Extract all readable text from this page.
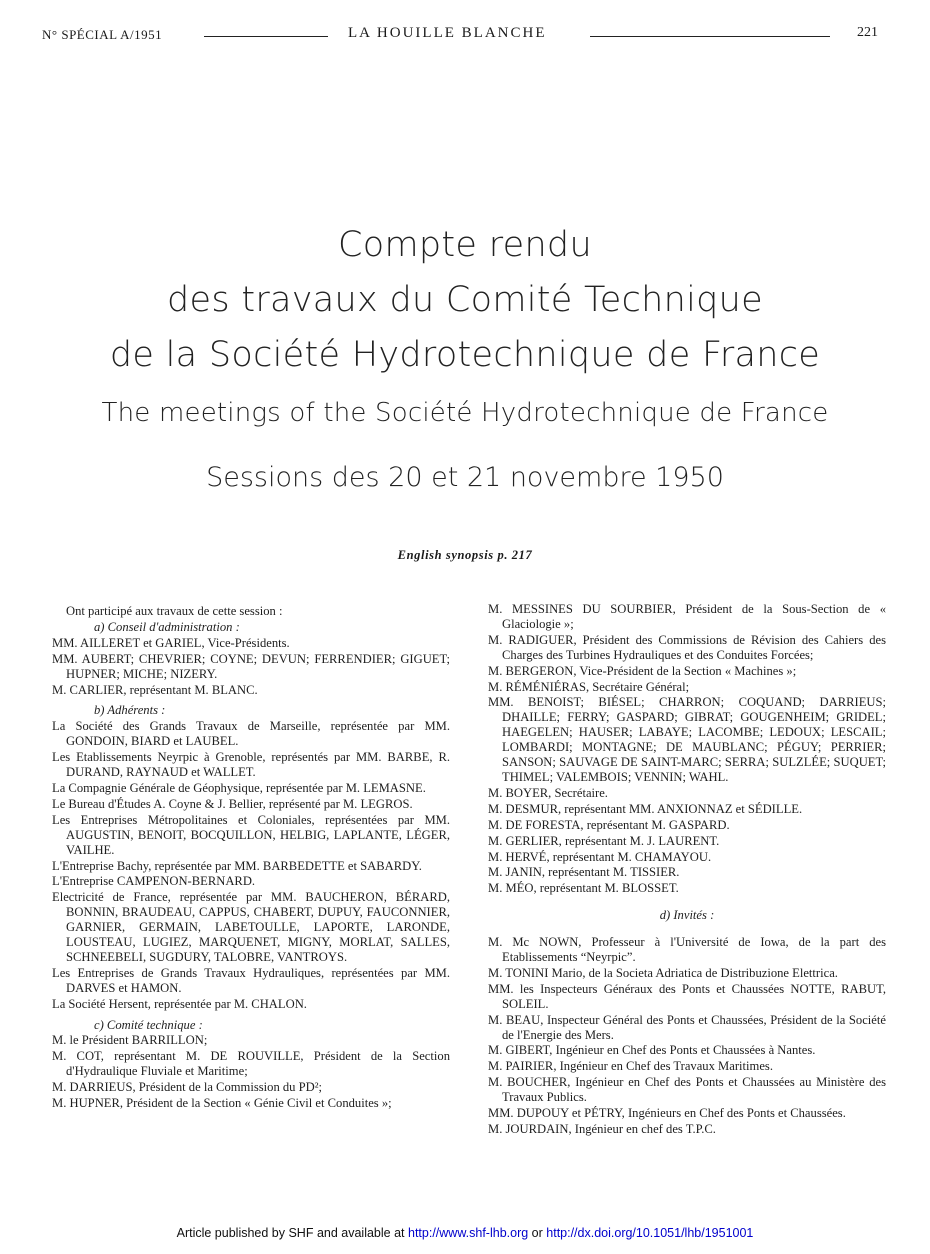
N° SPÉCIAL A/1951	LA HOUILLE BLANCHE	221
Compte rendu
des travaux du Comité Technique
de la Société Hydrotechnique de France
The meetings of the Société Hydrotechnique de France
Sessions des 20 et 21 novembre 1950
English synopsis p. 217
Ont participé aux travaux de cette session :
a) Conseil d'administration :
MM. AILLERET et GARIEL, Vice-Présidents.
MM. AUBERT; CHEVRIER; COYNE; DEVUN; FERRENDIER; GIGUET; HUPNER; MICHE; NIZERY.
M. CARLIER, représentant M. BLANC.
b) Adhérents :
La Société des Grands Travaux de Marseille, représentée par MM. GONDOIN, BIARD et LAUBEL.
Les Etablissements Neyrpic à Grenoble, représentés par MM. BARBE, R. DURAND, RAYNAUD et WALLET.
La Compagnie Générale de Géophysique, représentée par M. LEMASNE.
Le Bureau d'Études A. Coyne & J. Bellier, représenté par M. LEGROS.
Les Entreprises Métropolitaines et Coloniales, représentées par MM. AUGUSTIN, BENOIT, BOCQUILLON, HELBIG, LAPLANTE, LÉGER, VAILHE.
L'Entreprise Bachy, représentée par MM. BARBEDETTE et SABARDY.
L'Entreprise CAMPENON-BERNARD.
Electricité de France, représentée par MM. BAUCHERON, BÉRARD, BONNIN, BRAUDEAU, CAPPUS, CHABERT, DUPUY, FAUCONNIER, GARNIER, GERMAIN, LABETOULLE, LAPORTE, LARONDE, LOUSTEAU, LUGIEZ, MARQUENET, MIGNY, MORLAT, SALLES, SCHNEEBELI, SUGDURY, TALOBRE, VANTROYS.
Les Entreprises de Grands Travaux Hydrauliques, représentées par MM. DARVES et HAMON.
La Société Hersent, représentée par M. CHALON.
c) Comité technique :
M. le Président BARRILLON;
M. COT, représentant M. DE ROUVILLE, Président de la Section d'Hydraulique Fluviale et Maritime;
M. DARRIEUS, Président de la Commission du PD²;
M. HUPNER, Président de la Section « Génie Civil et Conduites »;
M. MESSINES DU SOURBIER, Président de la Sous-Section de « Glaciologie »;
M. RADIGUER, Président des Commissions de Révision des Cahiers des Charges des Turbines Hydrauliques et des Conduites Forcées;
M. BERGERON, Vice-Président de la Section « Machines »;
M. RÉMÉNIÉRAS, Secrétaire Général;
MM. BENOIST; BIÉSEL; CHARRON; COQUAND; DARRIEUS; DHAILLE; FERRY; GASPARD; GIBRAT; GOUGENHEIM; GRIDEL; HAEGELEN; HAUSER; LABAYE; LACOMBE; LEDOUX; LESCAIL; LOMBARDI; MONTAGNE; DE MAUBLANC; PÉGUY; PERRIER; SANSON; SAUVAGE DE SAINT-MARC; SERRA; SULZLÉE; SUQUET; THIMEL; VALEMBOIS; VENNIN; WAHL.
M. BOYER, Secrétaire.
M. DESMUR, représentant MM. ANXIONNAZ et SÉDILLE.
M. DE FORESTA, représentant M. GASPARD.
M. GERLIER, représentant M. J. LAURENT.
M. HERVÉ, représentant M. CHAMAYOU.
M. JANIN, représentant M. TISSIER.
M. MÉO, représentant M. BLOSSET.
d) Invités :
M. Mc NOWN, Professeur à l'Université de Iowa, de la part des Etablissements “Neyrpic”.
M. TONINI Mario, de la Societa Adriatica de Distribuzione Elettrica.
MM. les Inspecteurs Généraux des Ponts et Chaussées NOTTE, RABUT, SOLEIL.
M. BEAU, Inspecteur Général des Ponts et Chaussées, Président de la Société de l'Energie des Mers.
M. GIBERT, Ingénieur en Chef des Ponts et Chaussées à Nantes.
M. PAIRIER, Ingénieur en Chef des Travaux Maritimes.
M. BOUCHER, Ingénieur en Chef des Ponts et Chaussées au Ministère des Travaux Publics.
MM. DUPOUY et PÉTRY, Ingénieurs en Chef des Ponts et Chaussées.
M. JOURDAIN, Ingénieur en chef des T.P.C.
Article published by SHF and available at http://www.shf-lhb.org or http://dx.doi.org/10.1051/lhb/1951001
